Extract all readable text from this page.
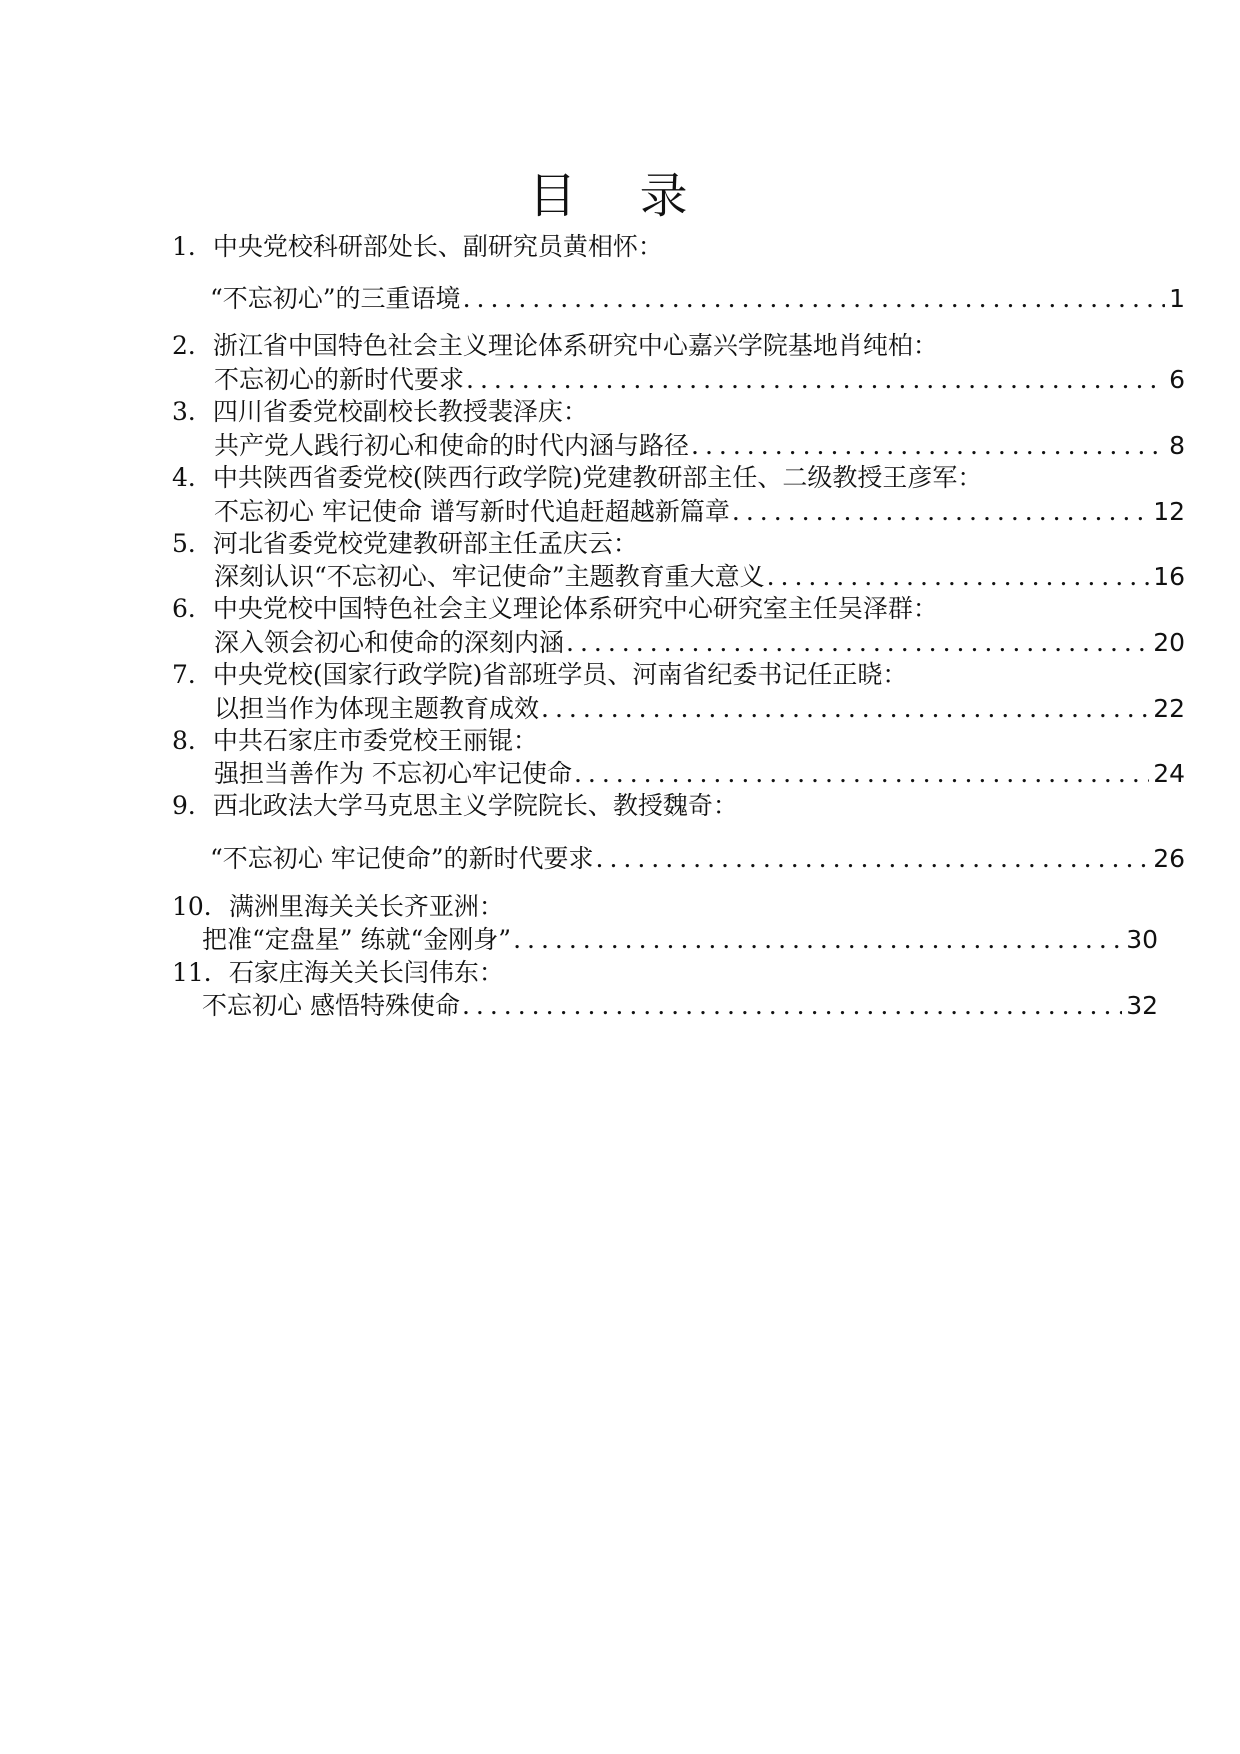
目 录
1． 中央党校科研部处长、副研究员黄相怀：
“不忘初心”的三重语境 .....	1
2． 浙江省中国特色社会主义理论体系研究中心嘉兴学院基地肖纯柏：
不忘初心的新时代要求 .....	6
3． 四川省委党校副校长教授裴泽庆：
共产党人践行初心和使命的时代内涵与路径 .....	8
4． 中共陕西省委党校(陕西行政学院)党建教研部主任、二级教授王彦军：
不忘初心 牢记使命 谱写新时代追赶超越新篇章 .....	12
5． 河北省委党校党建教研部主任孟庆云：
深刻认识“不忘初心、牢记使命”主题教育重大意义 .....	16
6． 中央党校中国特色社会主义理论体系研究中心研究室主任吴泽群：
深入领会初心和使命的深刻内涵 .....	20
7． 中央党校(国家行政学院)省部班学员、河南省纪委书记任正晓：
以担当作为体现主题教育成效 .....	22
8． 中共石家庄市委党校王丽锟：
强担当善作为 不忘初心牢记使命 .....	24
9． 西北政法大学马克思主义学院院长、教授魏奇：
“不忘初心 牢记使命”的新时代要求 .....	26
10． 满洲里海关关长齐亚洲：
把准“定盘星” 练就“金刚身” .....	30
11． 石家庄海关关长闫伟东：
不忘初心 感悟特殊使命 .....	32
